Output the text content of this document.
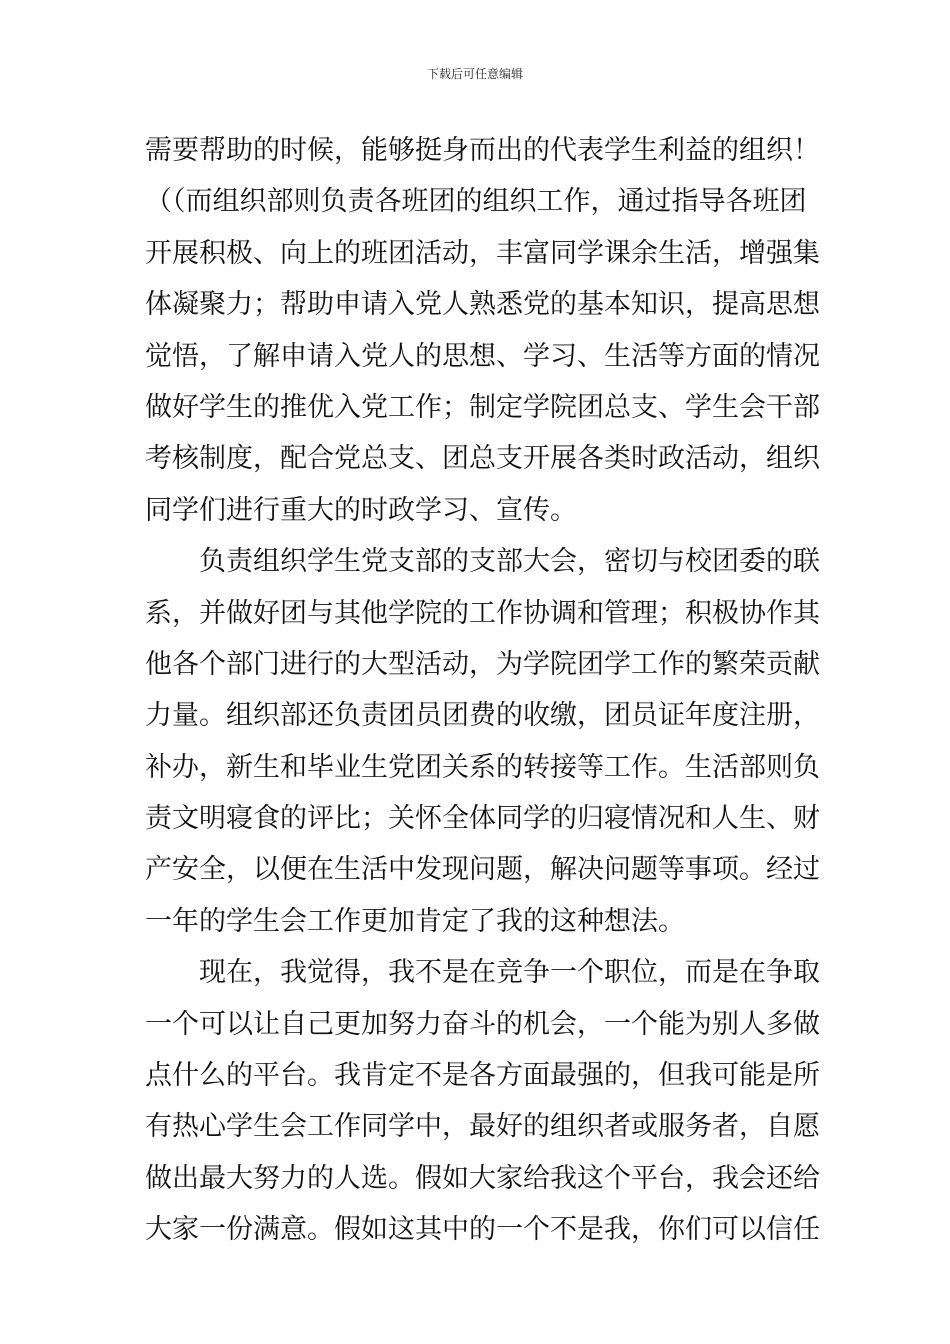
下载后可任意编辑
需要帮助的时候，能够挺身而出的代表学生利益的组织！
（（而组织部则负责各班团的组织工作，通过指导各班团
开展积极、向上的班团活动，丰富同学课余生活，增强集
体凝聚力；帮助申请入党人熟悉党的基本知识，提高思想
觉悟，了解申请入党人的思想、学习、生活等方面的情况
做好学生的推优入党工作；制定学院团总支、学生会干部
考核制度，配合党总支、团总支开展各类时政活动，组织
同学们进行重大的时政学习、宣传。
　　负责组织学生党支部的支部大会，密切与校团委的联
系，并做好团与其他学院的工作协调和管理；积极协作其
他各个部门进行的大型活动，为学院团学工作的繁荣贡献
力量。组织部还负责团员团费的收缴，团员证年度注册，
补办，新生和毕业生党团关系的转接等工作。生活部则负
责文明寝食的评比；关怀全体同学的归寝情况和人生、财
产安全，以便在生活中发现问题，解决问题等事项。经过
一年的学生会工作更加肯定了我的这种想法。
　　现在，我觉得，我不是在竞争一个职位，而是在争取
一个可以让自己更加努力奋斗的机会，一个能为别人多做
点什么的平台。我肯定不是各方面最强的，但我可能是所
有热心学生会工作同学中，最好的组织者或服务者，自愿
做出最大努力的人选。假如大家给我这个平台，我会还给
大家一份满意。假如这其中的一个不是我，你们可以信任
